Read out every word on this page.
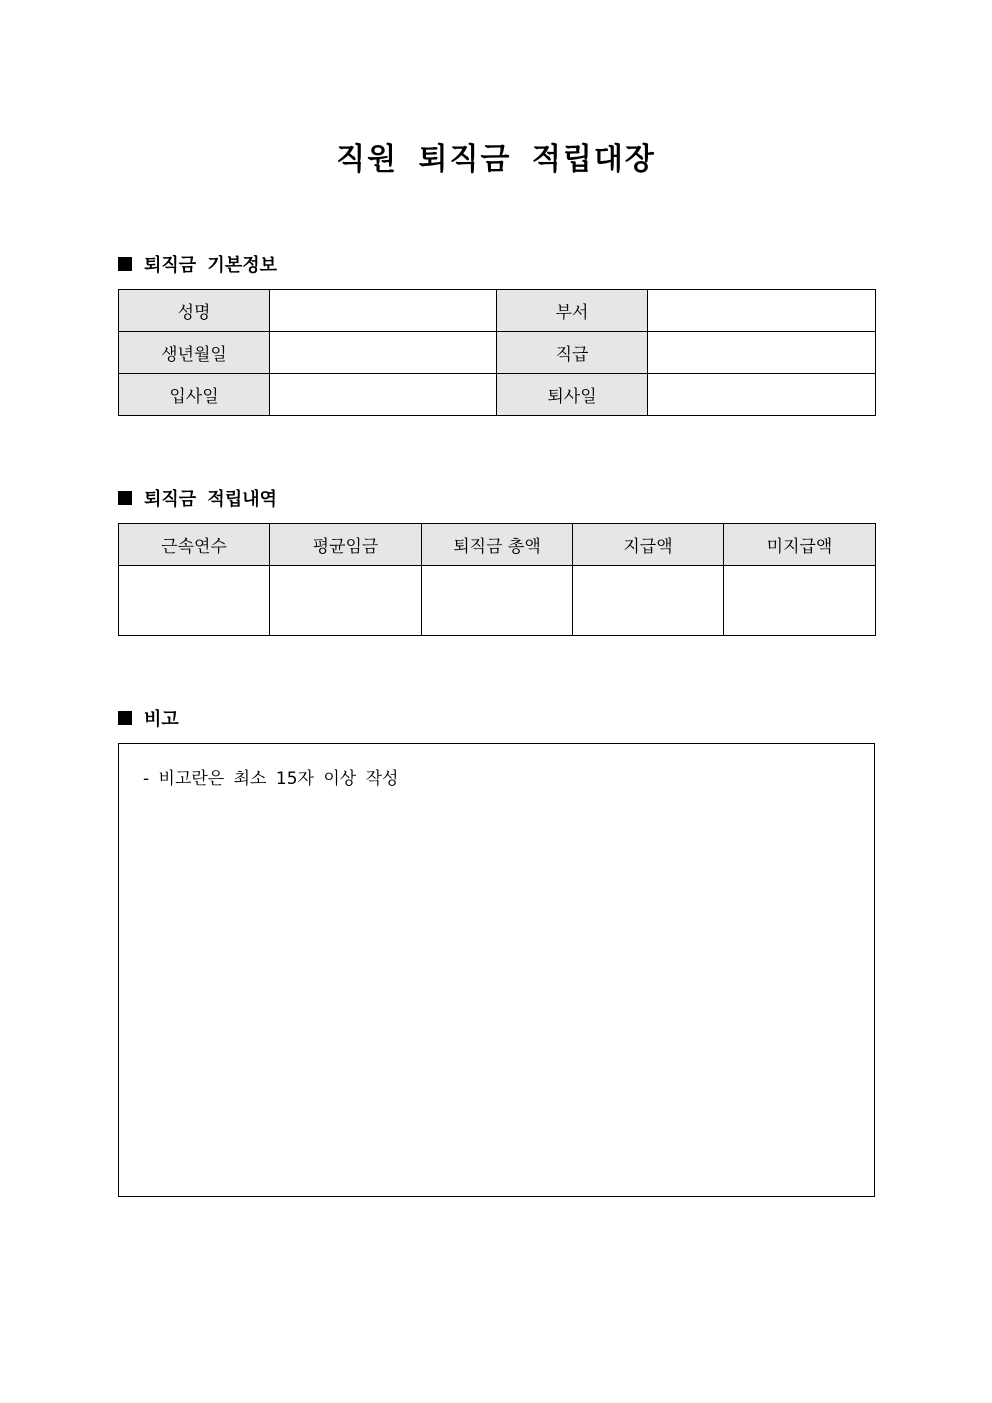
직원 퇴직금 적립대장
퇴직금 기본정보
성명		부서	
생년월일		직급	
입사일		퇴사일	
퇴직금 적립내역
근속연수	평균임금	퇴직금 총액	지급액	미지급액

비고
- 비고란은 최소 15자 이상 작성
